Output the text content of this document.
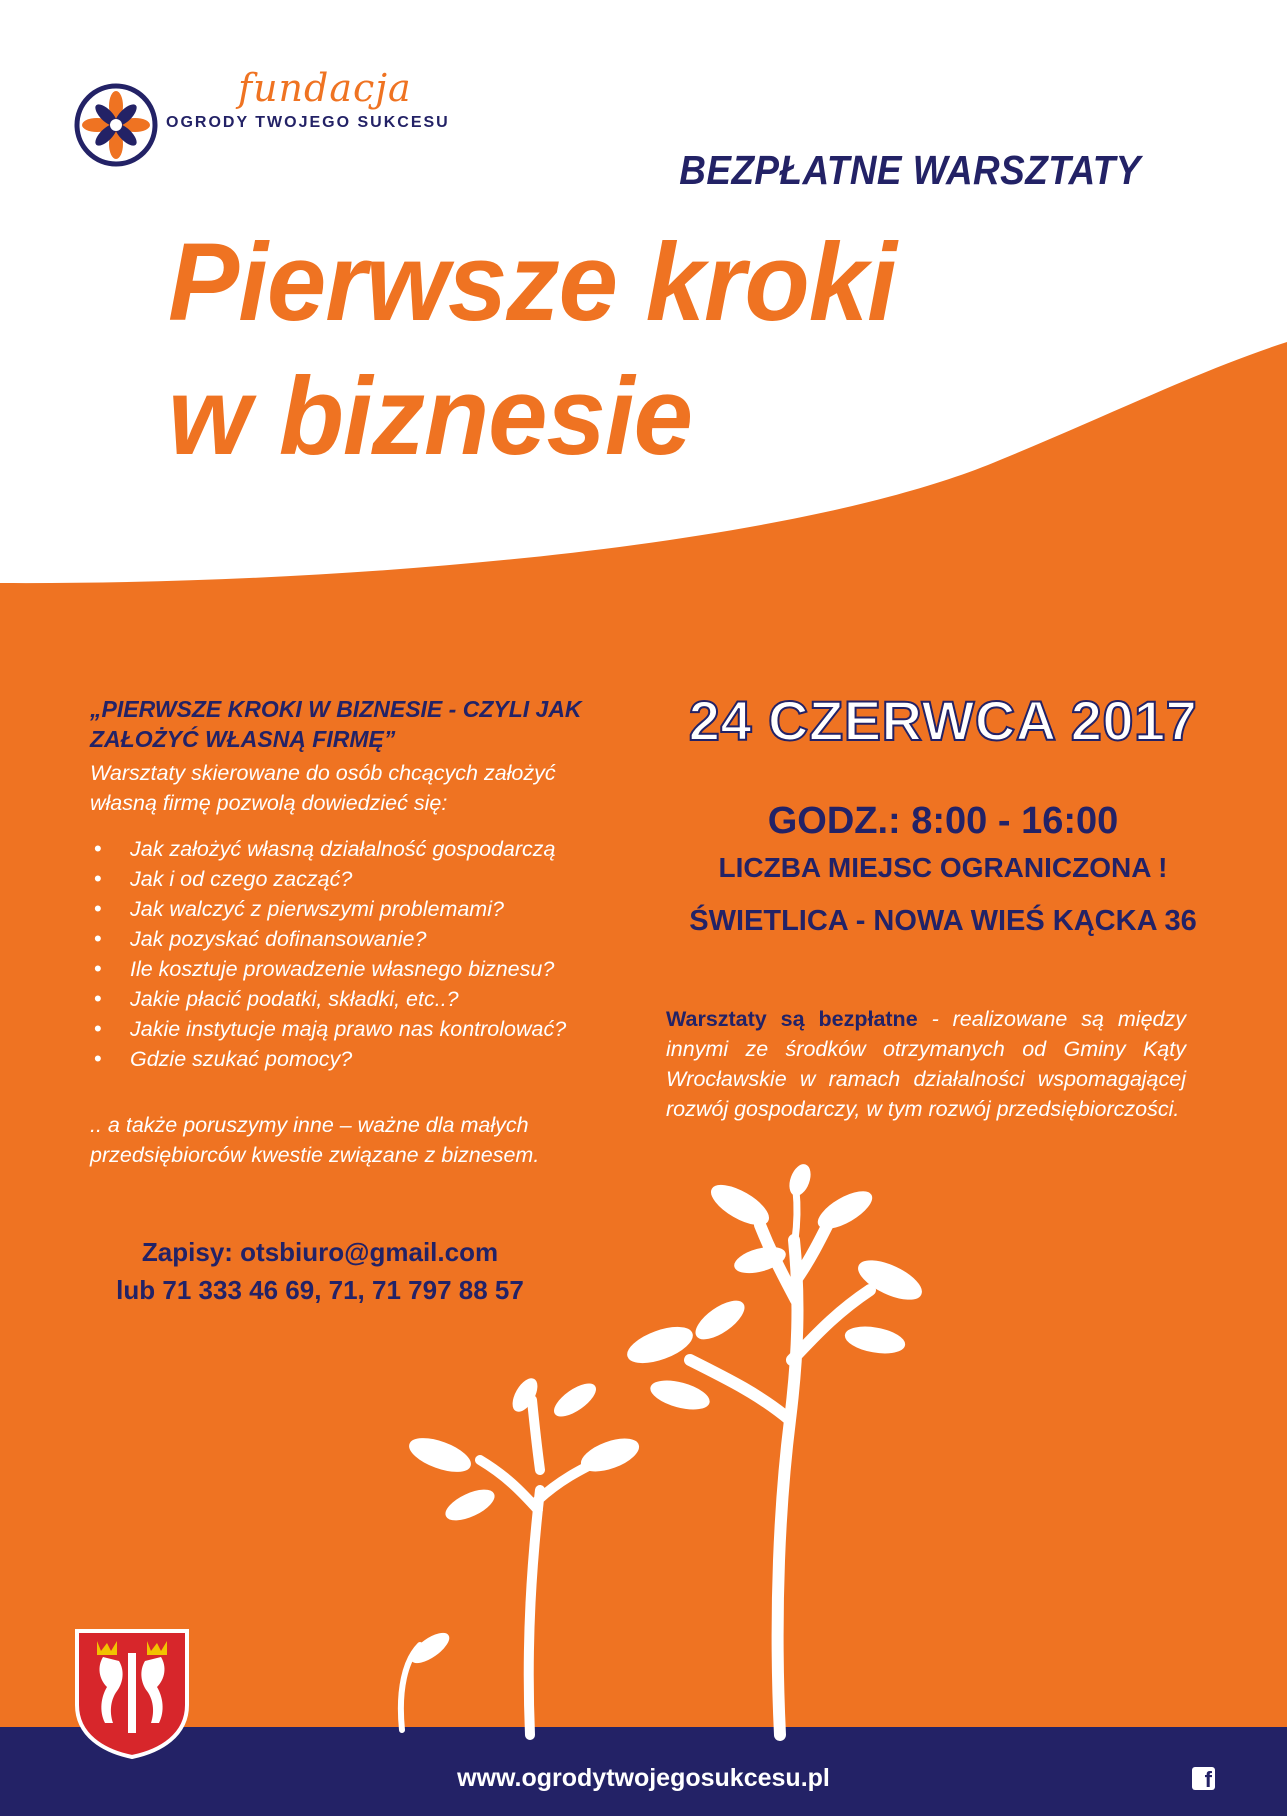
fundacja

OGRODY TWOJEGO SUKCESU

BEZPŁATNE WARSZTATY

Pierwsze kroki

w biznesie

„PIERWSZE KROKI W BIZNESIE - CZYLI JAK ZAŁOŻYĆ WŁASNĄ FIRMĘ”

Warsztaty skierowane do osób chcących założyć własną firmę pozwolą dowiedzieć się:

• Jak założyć własną działalność gospodarczą
• Jak i od czego zacząć?
• Jak walczyć z pierwszymi problemami?
• Jak pozyskać dofinansowanie?
• Ile kosztuje prowadzenie własnego biznesu?
• Jakie płacić podatki, składki, etc..?
• Jakie instytucje mają prawo nas kontrolować?
• Gdzie szukać pomocy?

.. a także poruszymy inne – ważne dla małych przedsiębiorców kwestie związane z biznesem.

Zapisy: otsbiuro@gmail.com

lub 71 333 46 69, 71, 71 797 88 57

24 CZERWCA 2017

GODZ.: 8:00 - 16:00

LICZBA MIEJSC OGRANICZONA !

ŚWIETLICA - NOWA WIEŚ KĄCKA 36

Warsztaty są bezpłatne - realizowane są między innymi ze środków otrzymanych od Gminy Kąty Wrocławskie w ramach działalności wspomagającej rozwój gospodarczy, w tym rozwój przedsiębiorczości.

www.ogrodytwojegosukcesu.pl	f
